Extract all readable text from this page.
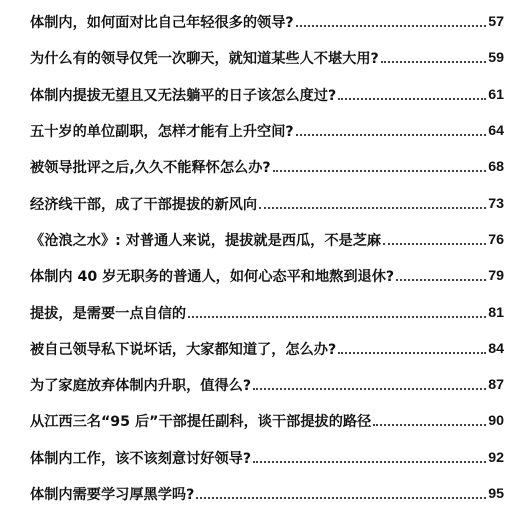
体制内，如何面对比自己年轻很多的领导?	57
为什么有的领导仅凭一次聊天，就知道某些人不堪大用?	59
体制内提拔无望且又无法躺平的日子该怎么度过?	61
五十岁的单位副职，怎样才能有上升空间?	64
被领导批评之后,久久不能释怀怎么办?	68
经济线干部，成了干部提拔的新风向	73
《沧浪之水》: 对普通人来说，提拔就是西瓜，不是芝麻	76
体制内 40 岁无职务的普通人，如何心态平和地熬到退休?	79
提拔，是需要一点自信的	81
被自己领导私下说坏话，大家都知道了，怎么办?	84
为了家庭放弃体制内升职，值得么?	87
从江西三名“95 后”干部提任副科，谈干部提拔的路径	90
体制内工作，该不该刻意讨好领导?	92
体制内需要学习厚黑学吗?	95
